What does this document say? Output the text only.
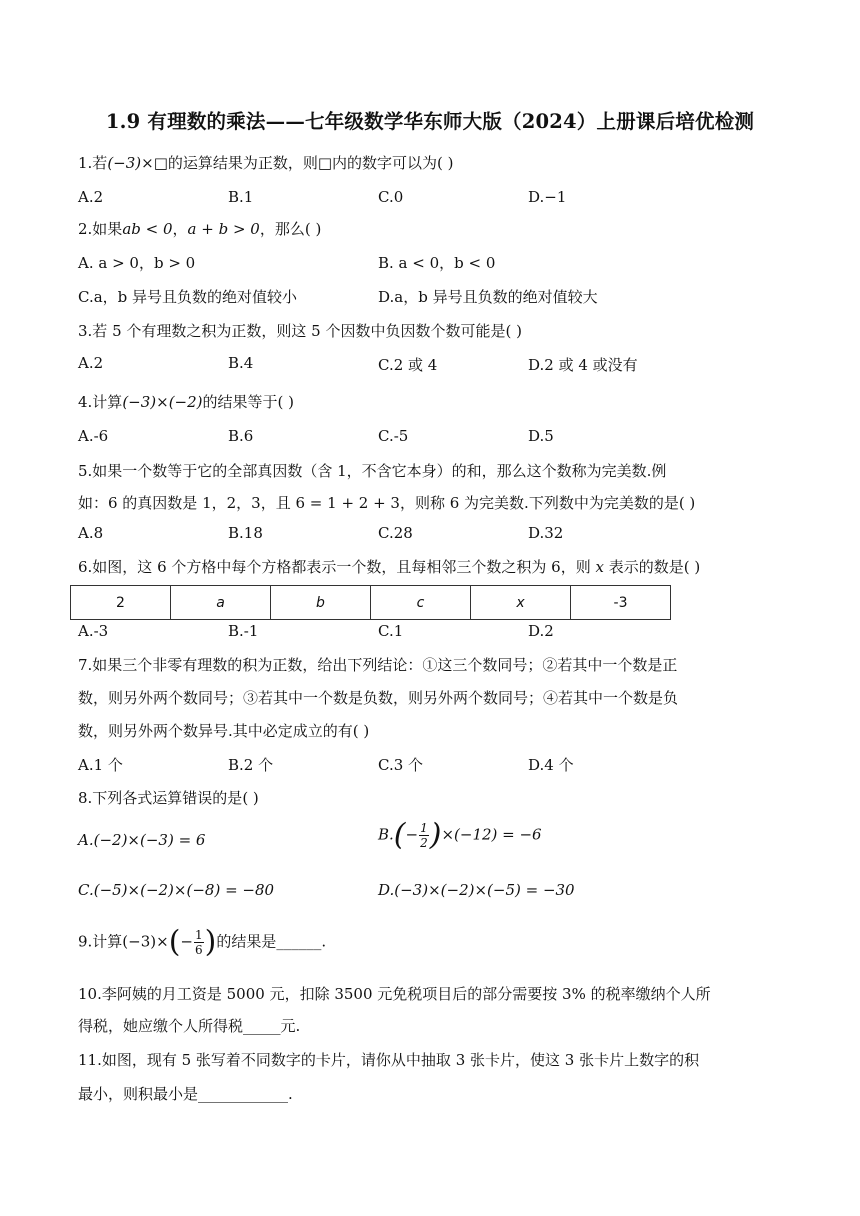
1.9 有理数的乘法——七年级数学华东师大版（2024）上册课后培优检测
1.若(−3)×□的运算结果为正数，则□内的数字可以为( )
A.2	B.1	C.0	D.−1
2.如果ab < 0，a + b > 0，那么( )
A. a > 0，b > 0	B. a < 0，b < 0
C.a，b 异号且负数的绝对值较小	D.a，b 异号且负数的绝对值较大
3.若 5 个有理数之积为正数，则这 5 个因数中负因数个数可能是( )
A.2	B.4	C.2 或 4	D.2 或 4 或没有
4.计算(−3)×(−2)的结果等于( )
A.-6	B.6	C.-5	D.5
5.如果一个数等于它的全部真因数（含 1，不含它本身）的和，那么这个数称为完美数.例
如：6 的真因数是 1，2，3，且 6 = 1 + 2 + 3，则称 6 为完美数.下列数中为完美数的是( )
A.8	B.18	C.28	D.32
6.如图，这 6 个方格中每个方格都表示一个数，且每相邻三个数之积为 6，则 x 表示的数是( )
2	a	b	c	x	-3
A.-3	B.-1	C.1	D.2
7.如果三个非零有理数的积为正数，给出下列结论：①这三个数同号；②若其中一个数是正
数，则另外两个数同号；③若其中一个数是负数，则另外两个数同号；④若其中一个数是负
数，则另外两个数异号.其中必定成立的有( )
A.1 个	B.2 个	C.3 个	D.4 个
8.下列各式运算错误的是( )
A.(−2)×(−3) = 6	$B.(- \frac{1}{2} )\times(-12) = -6$
C.(−5)×(−2)×(−8) = −80	D.(−3)×(−2)×(−5) = −30
9.计算$(-3)\times(- \frac{1}{6}$ )的结果是______.
10.李阿姨的月工资是 5000 元，扣除 3500 元免税项目后的部分需要按 3% 的税率缴纳个人所
得税，她应缴个人所得税_____元.
11.如图，现有 5 张写着不同数字的卡片，请你从中抽取 3 张卡片，使这 3 张卡片上数字的积
最小，则积最小是____________.
